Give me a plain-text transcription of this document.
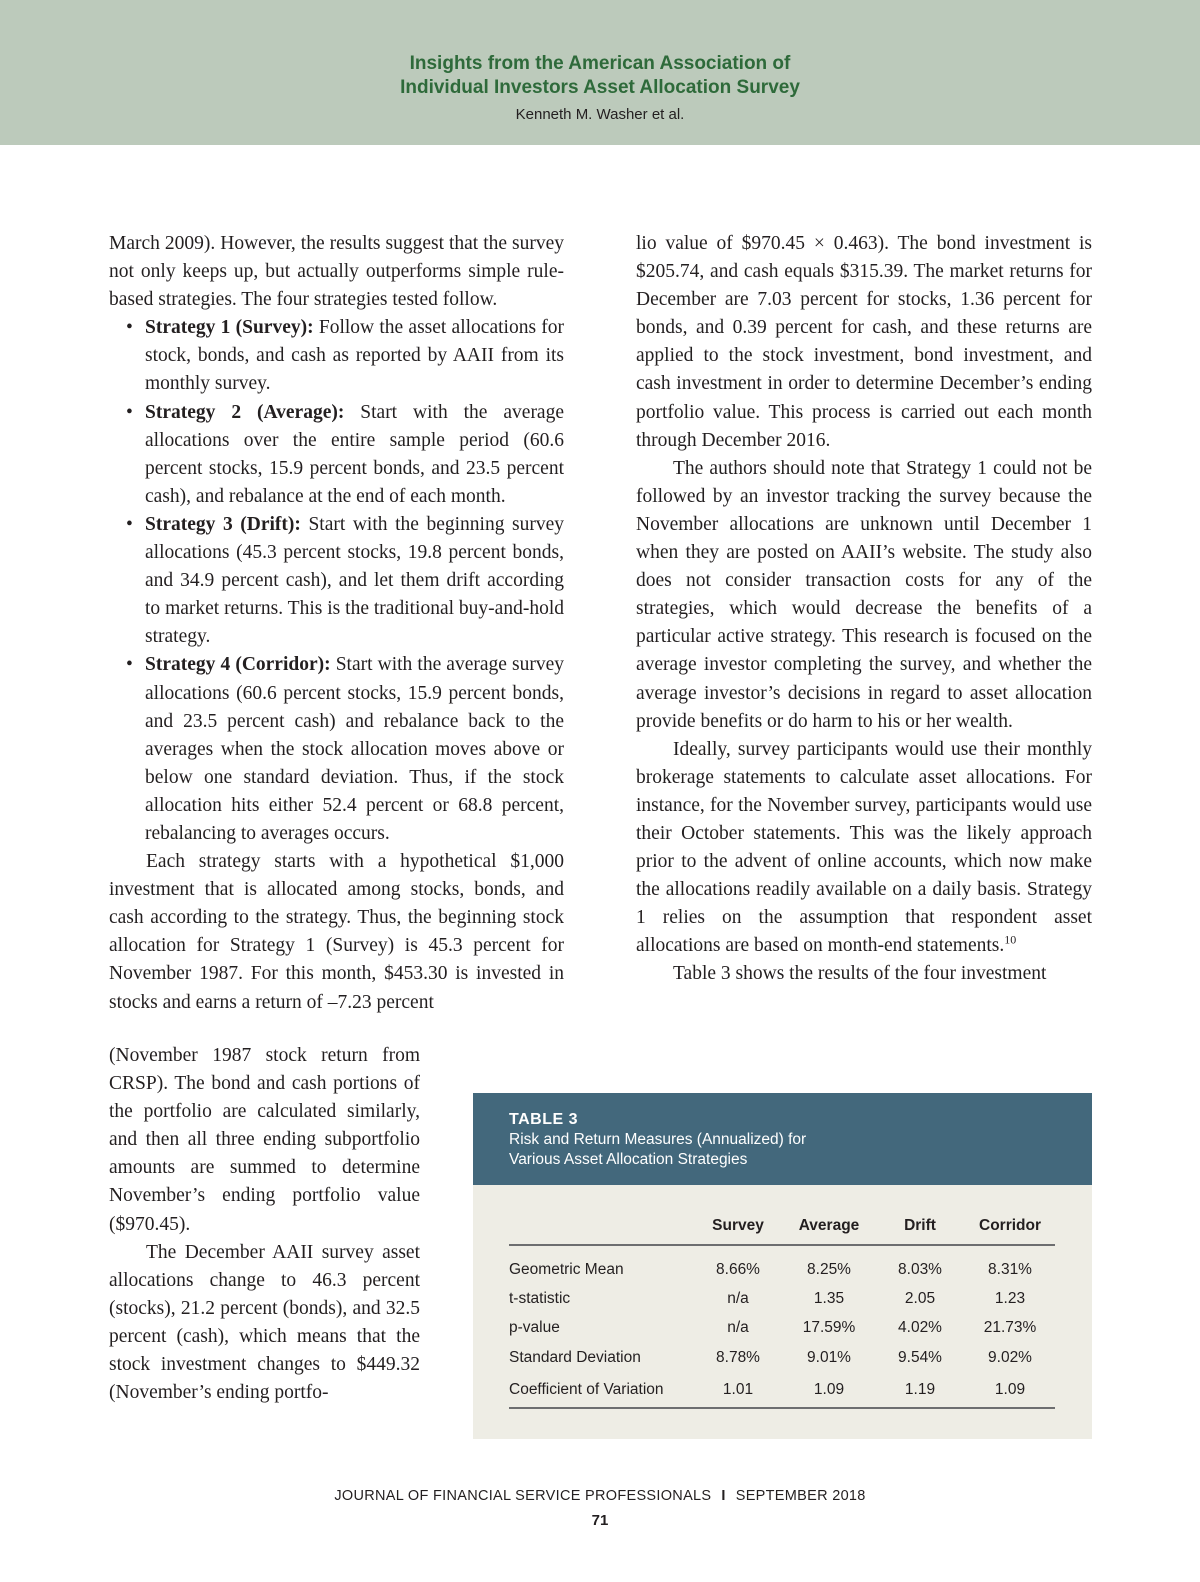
Insights from the American Association of
Individual Investors Asset Allocation Survey
Kenneth M. Washer et al.

March 2009). However, the results suggest that the survey not only keeps up, but actually outperforms simple rule-based strategies. The four strategies tested follow.

• Strategy 1 (Survey): Follow the asset allocations for stock, bonds, and cash as reported by AAII from its monthly survey.
• Strategy 2 (Average): Start with the average allocations over the entire sample period (60.6 percent stocks, 15.9 percent bonds, and 23.5 percent cash), and rebalance at the end of each month.
• Strategy 3 (Drift): Start with the beginning survey allocations (45.3 percent stocks, 19.8 percent bonds, and 34.9 percent cash), and let them drift according to market returns. This is the traditional buy-and-hold strategy.
• Strategy 4 (Corridor): Start with the average survey allocations (60.6 percent stocks, 15.9 percent bonds, and 23.5 percent cash) and rebalance back to the averages when the stock allocation moves above or below one standard deviation. Thus, if the stock allocation hits either 52.4 percent or 68.8 percent, rebalancing to averages occurs.

Each strategy starts with a hypothetical $1,000 investment that is allocated among stocks, bonds, and cash according to the strategy. Thus, the beginning stock allocation for Strategy 1 (Survey) is 45.3 percent for November 1987. For this month, $453.30 is invested in stocks and earns a return of –7.23 percent

(November 1987 stock return from CRSP). The bond and cash portions of the portfolio are calculated similarly, and then all three ending subportfolio amounts are summed to determine November’s ending portfolio value ($970.45).

The December AAII survey asset allocations change to 46.3 percent (stocks), 21.2 percent (bonds), and 32.5 percent (cash), which means that the stock investment changes to $449.32 (November’s ending portfo-

lio value of $970.45 × 0.463). The bond investment is $205.74, and cash equals $315.39. The market returns for December are 7.03 percent for stocks, 1.36 percent for bonds, and 0.39 percent for cash, and these returns are applied to the stock investment, bond investment, and cash investment in order to determine December’s ending portfolio value. This process is carried out each month through December 2016.

The authors should note that Strategy 1 could not be followed by an investor tracking the survey because the November allocations are unknown until December 1 when they are posted on AAII’s website. The study also does not consider transaction costs for any of the strategies, which would decrease the benefits of a particular active strategy. This research is focused on the average investor completing the survey, and whether the average investor’s decisions in regard to asset allocation provide benefits or do harm to his or her wealth.

Ideally, survey participants would use their monthly brokerage statements to calculate asset allocations. For instance, for the November survey, participants would use their October statements. This was the likely approach prior to the advent of online accounts, which now make the allocations readily available on a daily basis. Strategy 1 relies on the assumption that respondent asset allocations are based on month-end statements.$^{10}$

Table 3 shows the results of the four investment

TABLE 3
Risk and Return Measures (Annualized) for
Various Asset Allocation Strategies
	Survey	Average	Drift	Corridor
Geometric Mean	8.66%	8.25%	8.03%	8.31%
t-statistic	n/a	1.35	2.05	1.23
p-value	n/a	17.59%	4.02%	21.73%
Standard Deviation	8.78%	9.01%	9.54%	9.02%
Coefficient of Variation	1.01	1.09	1.19	1.09
JOURNAL OF FINANCIAL SERVICE PROFESSIONALS I SEPTEMBER 2018
71
